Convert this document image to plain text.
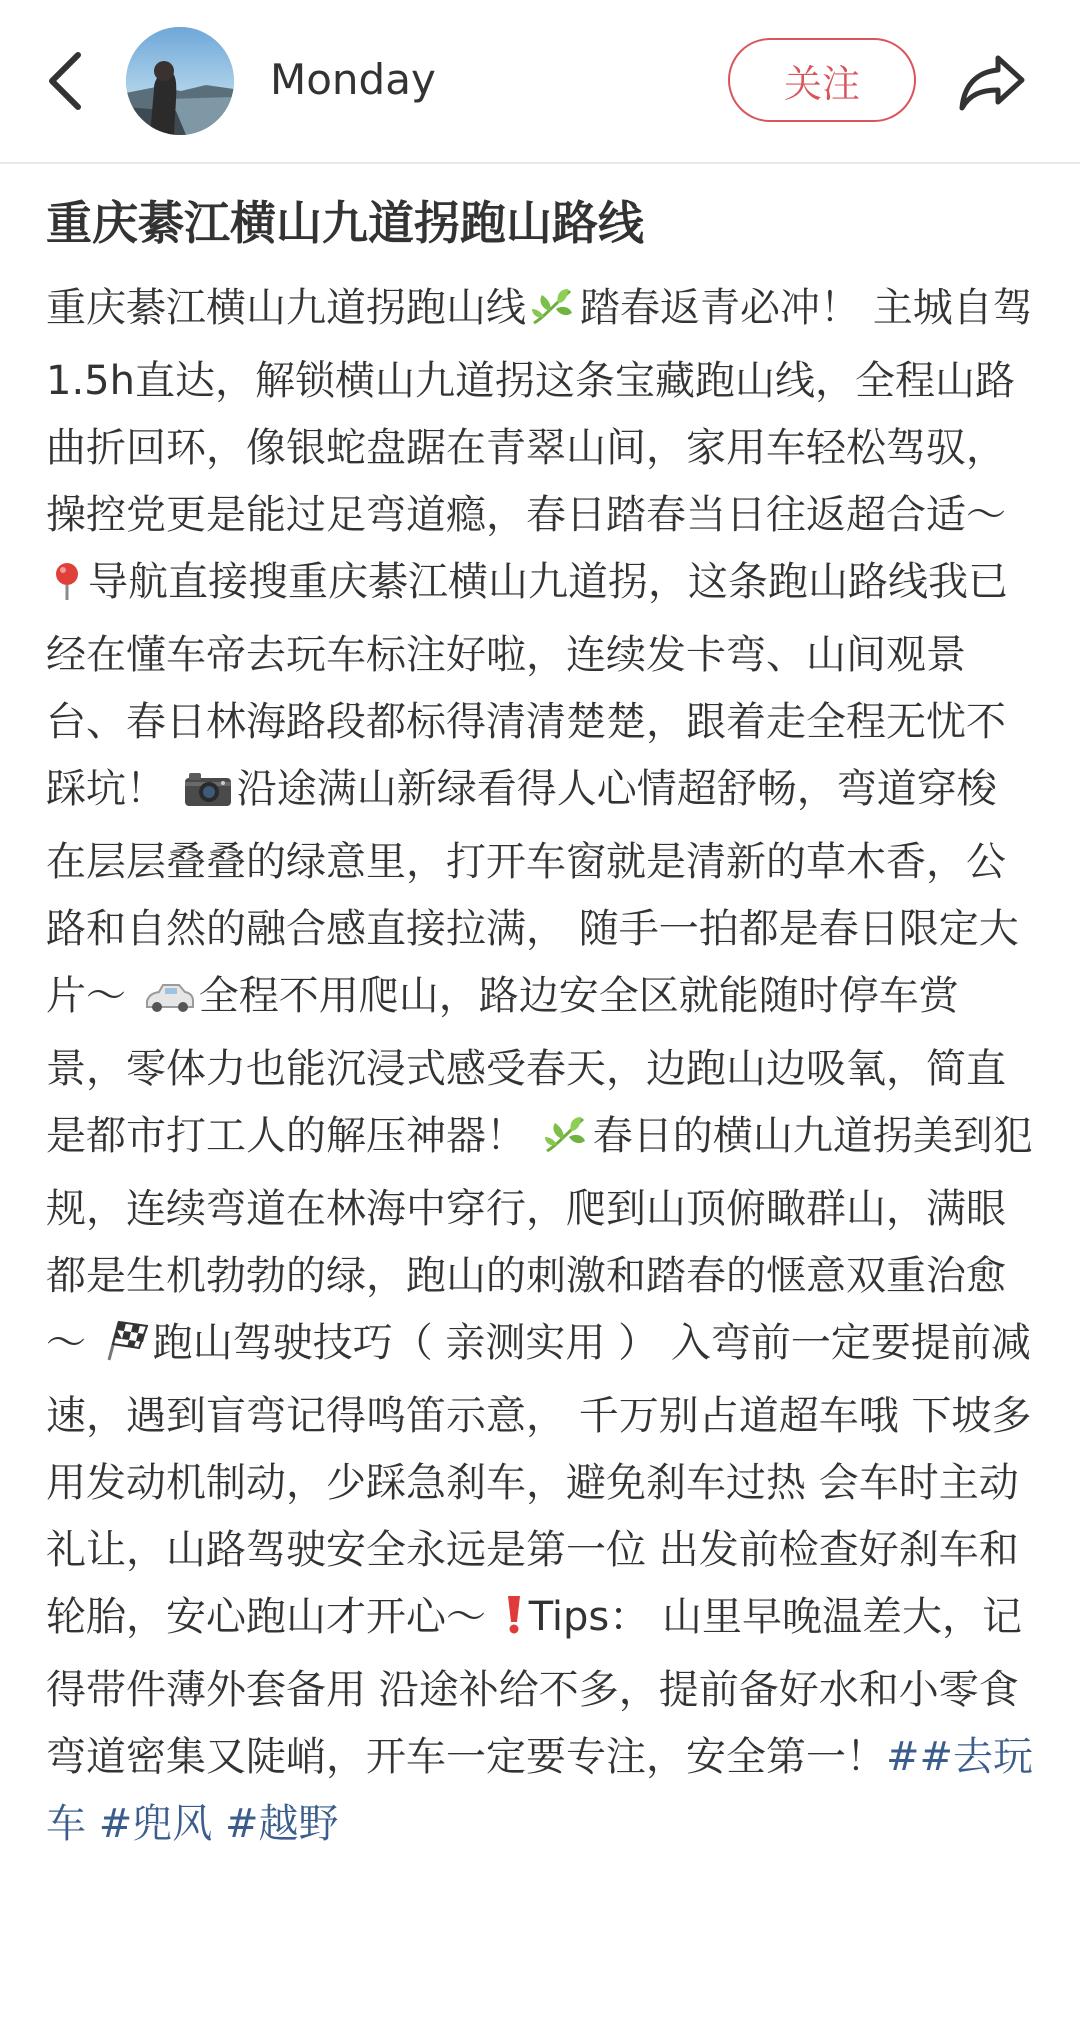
Monday	关注
重庆綦江横山九道拐跑山路线
重庆綦江横山九道拐跑山线 踏春返青必冲！ 主城自驾1.5h直达，解锁横山九道拐这条宝藏跑山线，全程山路曲折回环，像银蛇盘踞在青翠山间，家用车轻松驾驭，操控党更是能过足弯道瘾，春日踏春当日往返超合适～ 导航直接搜重庆綦江横山九道拐，这条跑山路线我已经在懂车帝去玩车标注好啦，连续发卡弯、山间观景台、春日林海路段都标得清清楚楚，跟着走全程无忧不踩坑！ 沿途满山新绿看得人心情超舒畅，弯道穿梭在层层叠叠的绿意里，打开车窗就是清新的草木香，公路和自然的融合感直接拉满， 随手一拍都是春日限定大片～ 全程不用爬山，路边安全区就能随时停车赏景，零体力也能沉浸式感受春天，边跑山边吸氧，简直是都市打工人的解压神器！ 春日的横山九道拐美到犯规，连续弯道在林海中穿行，爬到山顶俯瞰群山，满眼都是生机勃勃的绿，跑山的刺激和踏春的惬意双重治愈～ 跑山驾驶技巧（ 亲测实用 ） 入弯前一定要提前减速，遇到盲弯记得鸣笛示意， 千万别占道超车哦 下坡多用发动机制动，少踩急刹车，避免刹车过热 会车时主动礼让，山路驾驶安全永远是第一位 出发前检查好刹车和轮胎，安心跑山才开心～ Tips： 山里早晚温差大，记得带件薄外套备用 沿途补给不多，提前备好水和小零食 弯道密集又陡峭，开车一定要专注，安全第一！##去玩车 #兜风 #越野
